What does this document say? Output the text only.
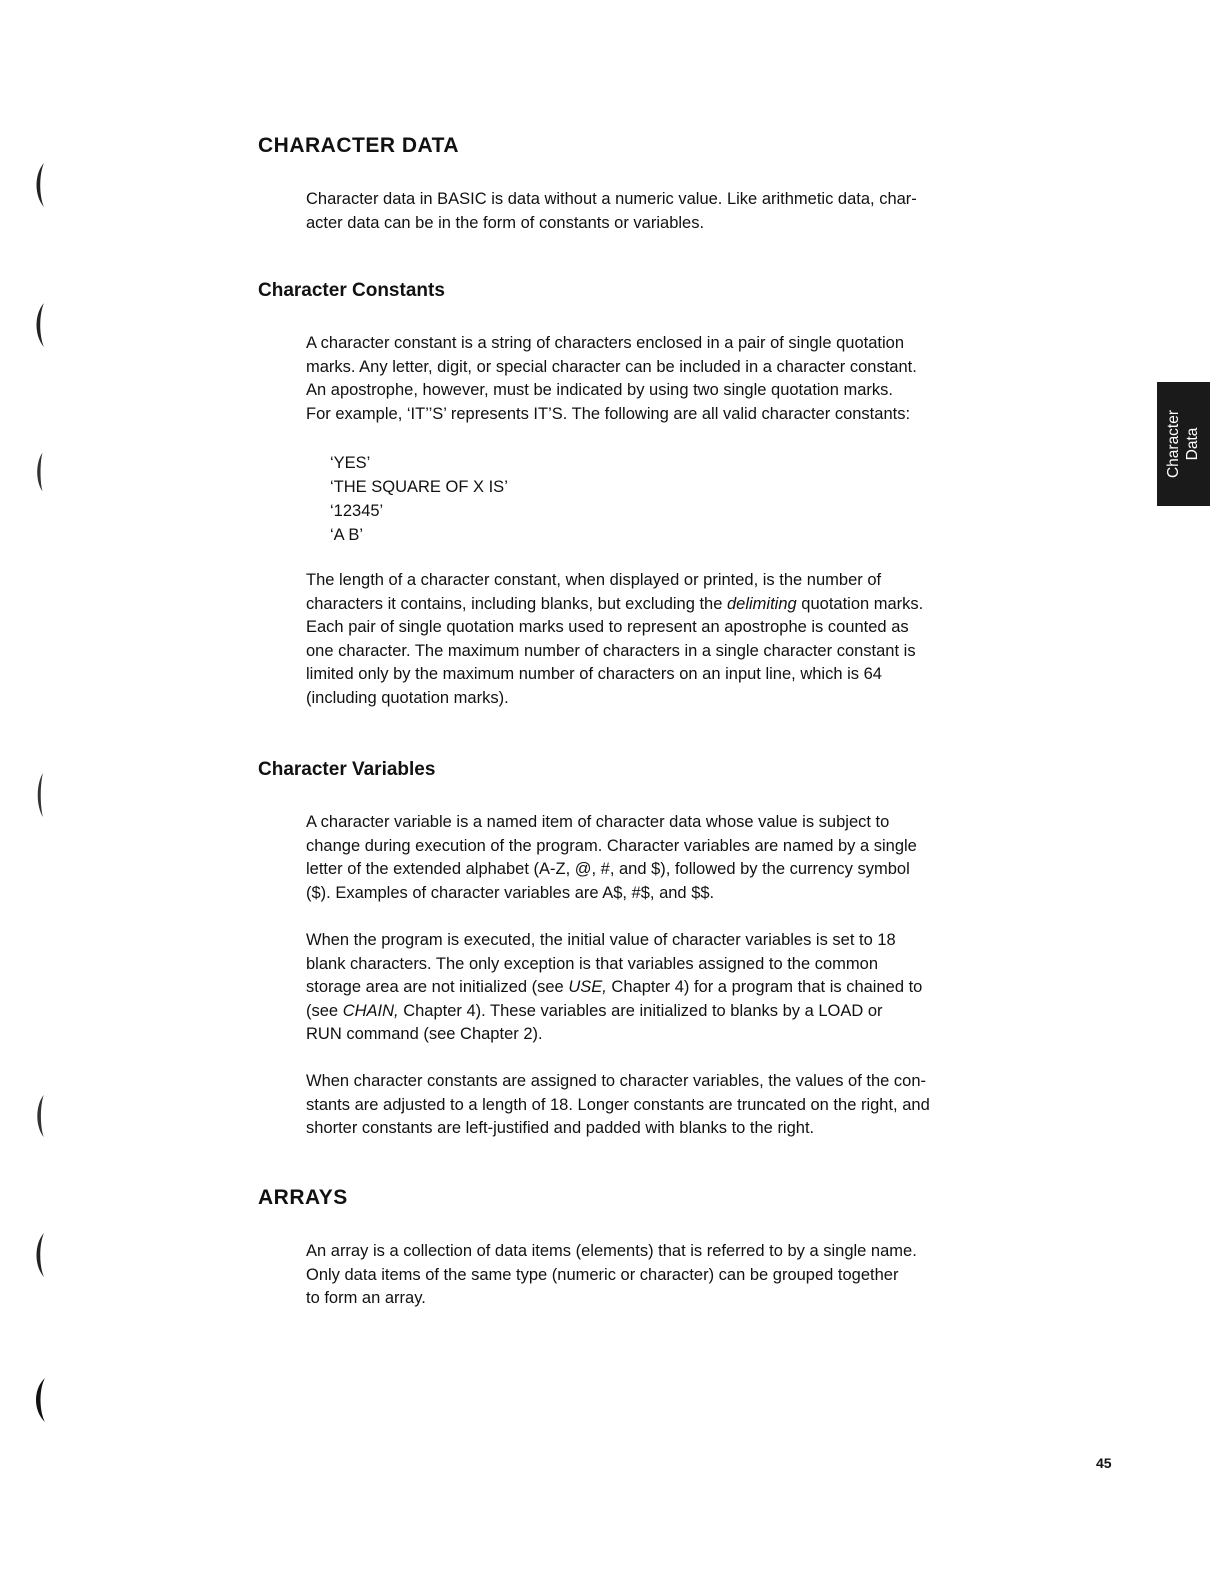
CHARACTER DATA
Character data in BASIC is data without a numeric value. Like arithmetic data, char-
acter data can be in the form of constants or variables.
Character Constants
A character constant is a string of characters enclosed in a pair of single quotation
marks. Any letter, digit, or special character can be included in a character constant.
An apostrophe, however, must be indicated by using two single quotation marks.
For example, ‘IT’’S’ represents IT’S. The following are all valid character constants:
‘YES’
‘THE SQUARE OF X IS’
‘12345’
‘A B’
The length of a character constant, when displayed or printed, is the number of
characters it contains, including blanks, but excluding the delimiting quotation marks.
Each pair of single quotation marks used to represent an apostrophe is counted as
one character. The maximum number of characters in a single character constant is
limited only by the maximum number of characters on an input line, which is 64
(including quotation marks).
Character Variables
A character variable is a named item of character data whose value is subject to
change during execution of the program. Character variables are named by a single
letter of the extended alphabet (A-Z, @, #, and $), followed by the currency symbol
($). Examples of character variables are A$, #$, and $$.
When the program is executed, the initial value of character variables is set to 18
blank characters. The only exception is that variables assigned to the common
storage area are not initialized (see USE, Chapter 4) for a program that is chained to
(see CHAIN, Chapter 4). These variables are initialized to blanks by a LOAD or
RUN command (see Chapter 2).
When character constants are assigned to character variables, the values of the con-
stants are adjusted to a length of 18. Longer constants are truncated on the right, and
shorter constants are left-justified and padded with blanks to the right.
ARRAYS
An array is a collection of data items (elements) that is referred to by a single name.
Only data items of the same type (numeric or character) can be grouped together
to form an array.
Character Data
45
